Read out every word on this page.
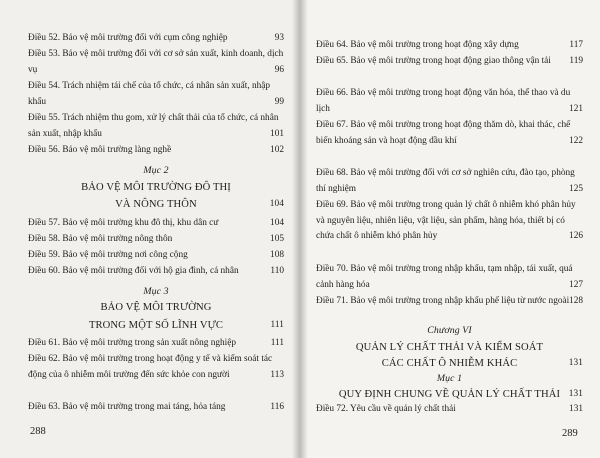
Điều 52. Bảo vệ môi trường đối với cụm công nghiệp	93
Điều 53. Bảo vệ môi trường đối với cơ sở sản xuất, kinh doanh, dịch vụ	96
Điều 54. Trách nhiệm tái chế của tổ chức, cá nhân sản xuất, nhập khẩu	99
Điều 55. Trách nhiệm thu gom, xử lý chất thải của tổ chức, cá nhân sản xuất, nhập khẩu	101
Điều 56. Bảo vệ môi trường làng nghề	102
Mục 2
BẢO VỆ MÔI TRƯỜNG ĐÔ THỊ
VÀ NÔNG THÔN	104
Điều 57. Bảo vệ môi trường khu đô thị, khu dân cư	104
Điều 58. Bảo vệ môi trường nông thôn	105
Điều 59. Bảo vệ môi trường nơi công cộng	108
Điều 60. Bảo vệ môi trường đối với hộ gia đình, cá nhân	110
Mục 3
BẢO VỆ MÔI TRƯỜNG
TRONG MỘT SỐ LĨNH VỰC	111
Điều 61. Bảo vệ môi trường trong sản xuất nông nghiệp	111
Điều 62. Bảo vệ môi trường trong hoạt động y tế và kiểm soát tác động của ô nhiễm môi trường đến sức khỏe con người	113
Điều 63. Bảo vệ môi trường trong mai táng, hỏa táng	116
288
Điều 64. Bảo vệ môi trường trong hoạt động xây dựng	117
Điều 65. Bảo vệ môi trường trong hoạt động giao thông vận tải	119
Điều 66. Bảo vệ môi trường trong hoạt động văn hóa, thể thao và du lịch	121
Điều 67. Bảo vệ môi trường trong hoạt động thăm dò, khai thác, chế biến khoáng sản và hoạt động dầu khí	122
Điều 68. Bảo vệ môi trường đối với cơ sở nghiên cứu, đào tạo, phòng thí nghiệm	125
Điều 69. Bảo vệ môi trường trong quản lý chất ô nhiễm khó phân hủy và nguyên liệu, nhiên liệu, vật liệu, sản phẩm, hàng hóa, thiết bị có chứa chất ô nhiễm khó phân hủy	126
Điều 70. Bảo vệ môi trường trong nhập khẩu, tạm nhập, tái xuất, quá cảnh hàng hóa	127
Điều 71. Bảo vệ môi trường trong nhập khẩu phế liệu từ nước ngoài 128
Chương VI
QUẢN LÝ CHẤT THẢI VÀ KIỂM SOÁT
CÁC CHẤT Ô NHIỄM KHÁC	131
Mục 1
QUY ĐỊNH CHUNG VỀ QUẢN LÝ CHẤT THẢI 131
Điều 72. Yêu cầu về quản lý chất thải	131
289
